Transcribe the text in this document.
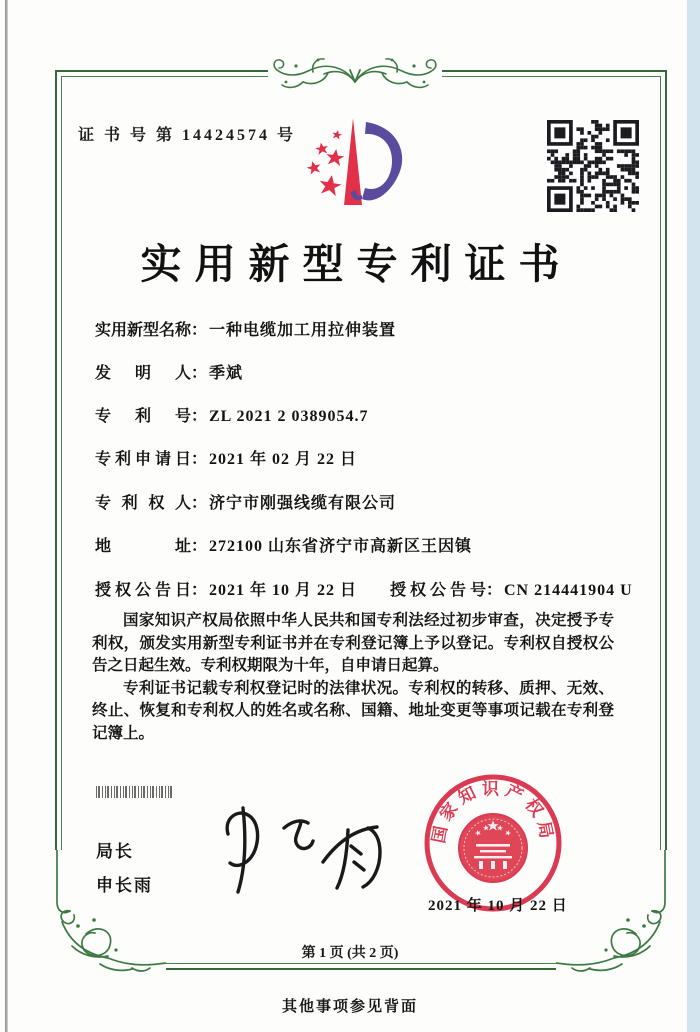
证 书 号 第 14424574 号
实用新型专利证书
实用新型名称： 一种电缆加工用拉伸装置
发明人： 季斌
专利号： ZL 2021 2 0389054.7
专利申请日： 2021 年 02 月 22 日
专利权人： 济宁市刚强线缆有限公司
地址： 272100 山东省济宁市高新区王因镇
授权公告日： 2021 年 10 月 22 日 授权公告号： CN 214441904 U

国家知识产权局依照中华人民共和国专利法经过初步审查，决定授予专利权，颁发实用新型专利证书并在专利登记簿上予以登记。专利权自授权公告之日起生效。专利权期限为十年，自申请日起算。

专利证书记载专利权登记时的法律状况。专利权的转移、质押、无效、终止、恢复和专利权人的姓名或名称、国籍、地址变更等事项记载在专利登记簿上。

局长
申长雨
国家知识产权局
2021 年 10 月 22 日
第 1 页 (共 2 页)
其他事项参见背面
